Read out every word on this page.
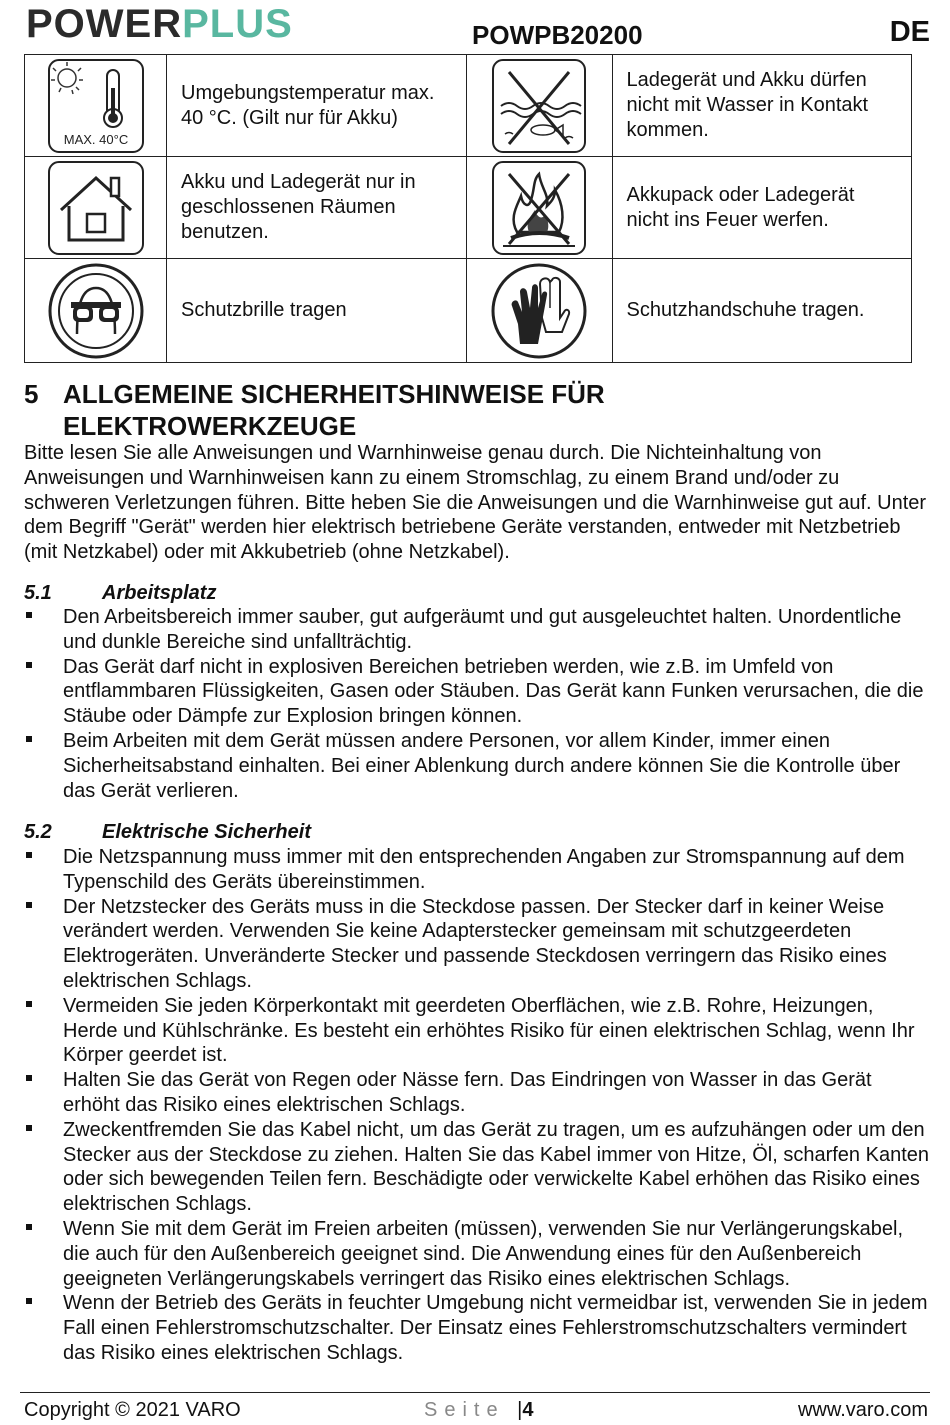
POWERPLUS	POWPB20200	DE
MAX. 40°C	Umgebungstemperatur max. 40 °C. (Gilt nur für Akku)		Ladegerät und Akku dürfen nicht mit Wasser in Kontakt kommen.

	Akku und Ladegerät nur in geschlossenen Räumen benutzen.		Akkupack oder Ladegerät nicht ins Feuer werfen.

	Schutzbrille tragen		Schutzhandschuhe tragen.
5 ALLGEMEINE SICHERHEITSHINWEISE FÜR ELEKTROWERKZEUGE
Bitte lesen Sie alle Anweisungen und Warnhinweise genau durch. Die Nichteinhaltung von Anweisungen und Warnhinweisen kann zu einem Stromschlag, zu einem Brand und/oder zu schweren Verletzungen führen. Bitte heben Sie die Anweisungen und die Warnhinweise gut auf. Unter dem Begriff "Gerät" werden hier elektrisch betriebene Geräte verstanden, entweder mit Netzbetrieb (mit Netzkabel) oder mit Akkubetrieb (ohne Netzkabel).
5.1	Arbeitsplatz
Den Arbeitsbereich immer sauber, gut aufgeräumt und gut ausgeleuchtet halten. Unordentliche und dunkle Bereiche sind unfallträchtig.
Das Gerät darf nicht in explosiven Bereichen betrieben werden, wie z.B. im Umfeld von entflammbaren Flüssigkeiten, Gasen oder Stäuben. Das Gerät kann Funken verursachen, die die Stäube oder Dämpfe zur Explosion bringen können.
Beim Arbeiten mit dem Gerät müssen andere Personen, vor allem Kinder, immer einen Sicherheitsabstand einhalten. Bei einer Ablenkung durch andere können Sie die Kontrolle über das Gerät verlieren.
5.2	Elektrische Sicherheit
Die Netzspannung muss immer mit den entsprechenden Angaben zur Stromspannung auf dem Typenschild des Geräts übereinstimmen.
Der Netzstecker des Geräts muss in die Steckdose passen. Der Stecker darf in keiner Weise verändert werden. Verwenden Sie keine Adapterstecker gemeinsam mit schutzgeerdeten Elektrogeräten. Unveränderte Stecker und passende Steckdosen verringern das Risiko eines elektrischen Schlags.
Vermeiden Sie jeden Körperkontakt mit geerdeten Oberflächen, wie z.B. Rohre, Heizungen, Herde und Kühlschränke. Es besteht ein erhöhtes Risiko für einen elektrischen Schlag, wenn Ihr Körper geerdet ist.
Halten Sie das Gerät von Regen oder Nässe fern. Das Eindringen von Wasser in das Gerät erhöht das Risiko eines elektrischen Schlags.
Zweckentfremden Sie das Kabel nicht, um das Gerät zu tragen, um es aufzuhängen oder um den Stecker aus der Steckdose zu ziehen. Halten Sie das Kabel immer von Hitze, Öl, scharfen Kanten oder sich bewegenden Teilen fern. Beschädigte oder verwickelte Kabel erhöhen das Risiko eines elektrischen Schlags.
Wenn Sie mit dem Gerät im Freien arbeiten (müssen), verwenden Sie nur Verlängerungskabel, die auch für den Außenbereich geeignet sind. Die Anwendung eines für den Außenbereich geeigneten Verlängerungskabels verringert das Risiko eines elektrischen Schlags.
Wenn der Betrieb des Geräts in feuchter Umgebung nicht vermeidbar ist, verwenden Sie in jedem Fall einen Fehlerstromschutzschalter. Der Einsatz eines Fehlerstromschutzschalters vermindert das Risiko eines elektrischen Schlags.
Copyright © 2021 VARO	Seite |4	www.varo.com
